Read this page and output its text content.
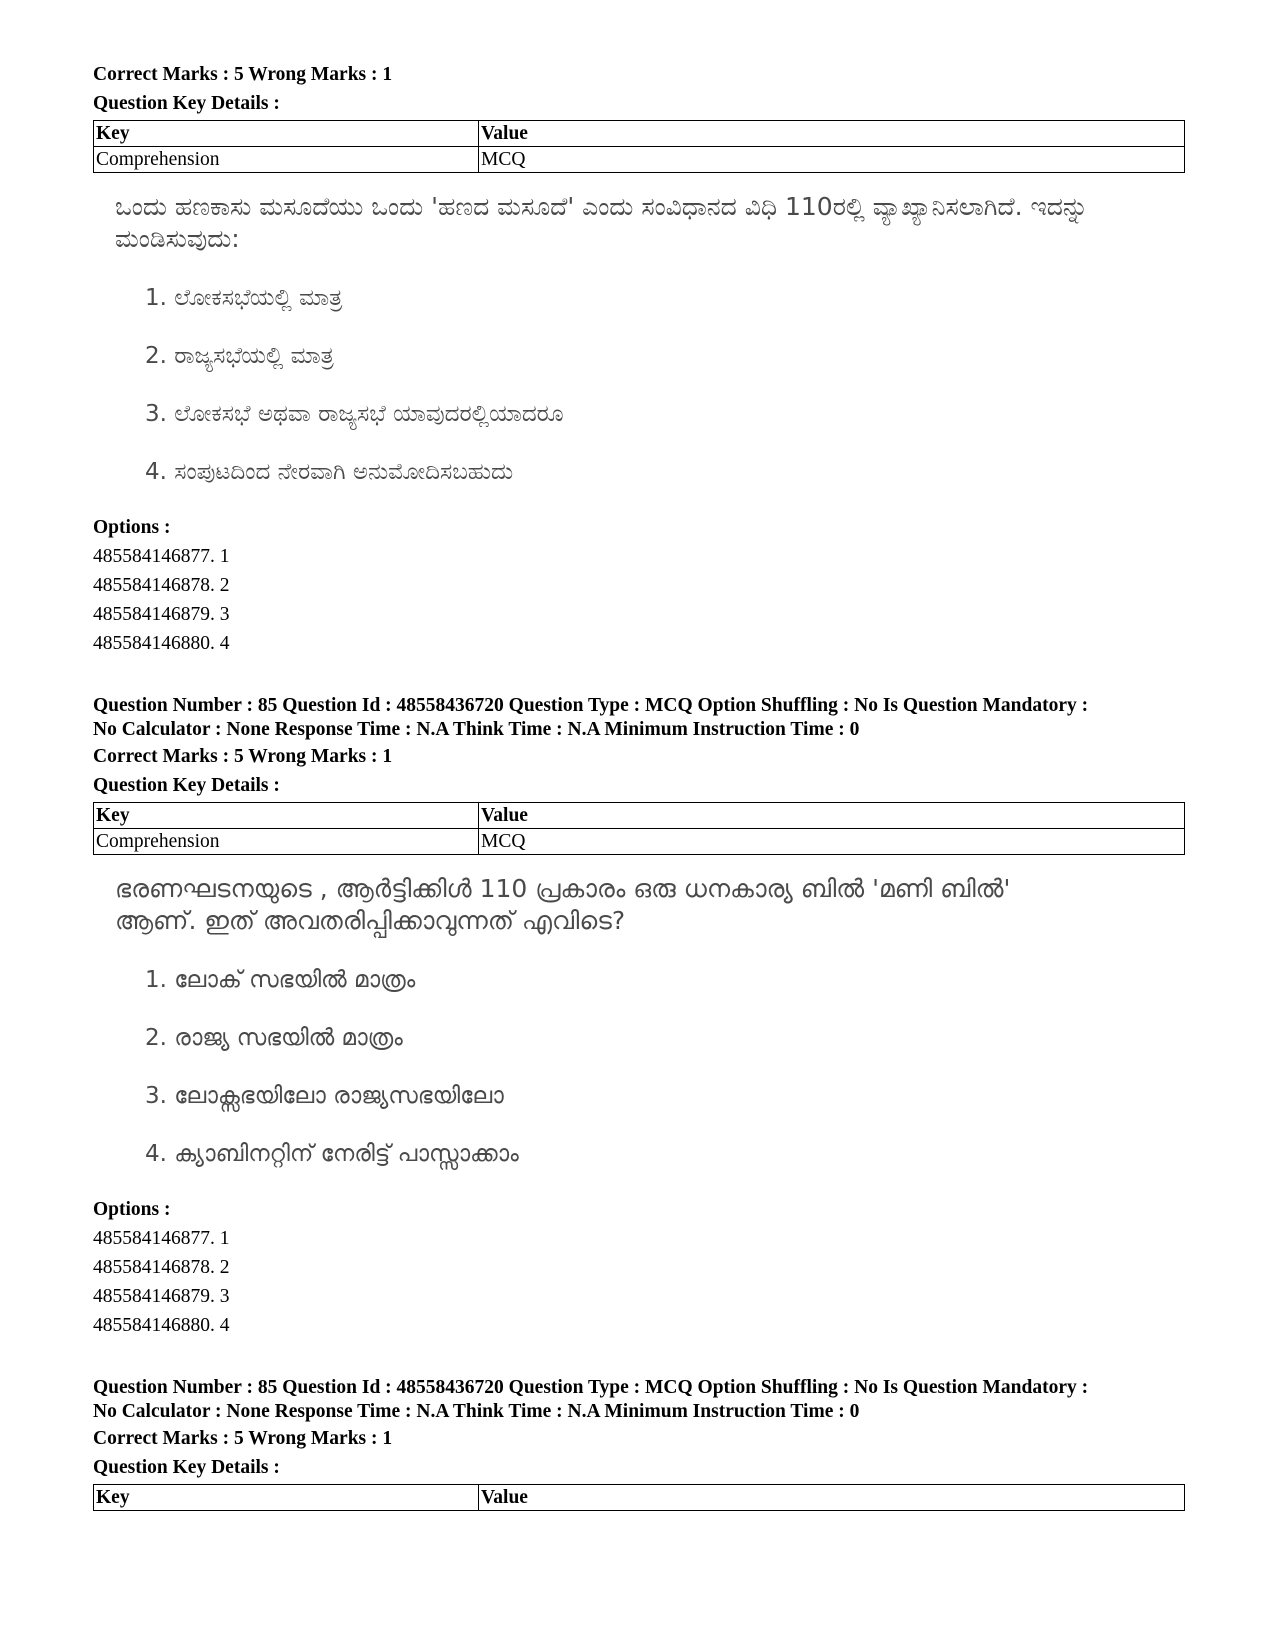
Correct Marks : 5 Wrong Marks : 1
Question Key Details :
Key	Value
Comprehension	MCQ
ಒಂದು ಹಣಕಾಸು ಮಸೂದೆಯು ಒಂದು 'ಹಣದ ಮಸೂದೆ' ಎಂದು ಸಂವಿಧಾನದ ವಿಧಿ 110ರಲ್ಲಿ ವ್ಯಾಖ್ಯಾನಿಸಲಾಗಿದೆ. ಇದನ್ನು ಮಂಡಿಸುವುದು:
1. ಲೋಕಸಭೆಯಲ್ಲಿ ಮಾತ್ರ
2. ರಾಜ್ಯಸಭೆಯಲ್ಲಿ ಮಾತ್ರ
3. ಲೋಕಸಭೆ ಅಥವಾ ರಾಜ್ಯಸಭೆ ಯಾವುದರಲ್ಲಿಯಾದರೂ
4. ಸಂಪುಟದಿಂದ ನೇರವಾಗಿ ಅನುಮೋದಿಸಬಹುದು
Options :
485584146877. 1
485584146878. 2
485584146879. 3
485584146880. 4
Question Number : 85 Question Id : 48558436720 Question Type : MCQ Option Shuffling : No Is Question Mandatory :
No Calculator : None Response Time : N.A Think Time : N.A Minimum Instruction Time : 0
Correct Marks : 5 Wrong Marks : 1
Question Key Details :
Key	Value
Comprehension	MCQ
ഭരണഘടനയുടെ , ആർട്ടിക്കിൾ 110 പ്രകാരം ഒരു ധനകാര്യ ബിൽ 'മണി ബിൽ' ആണ്. ഇത് അവതരിപ്പിക്കാവുന്നത് എവിടെ?
1. ലോക് സഭയിൽ മാത്രം
2. രാജ്യ സഭയിൽ മാത്രം
3. ലോക്സഭയിലോ രാജ്യസഭയിലോ
4. ക്യാബിനറ്റിന് നേരിട്ട് പാസ്സാക്കാം
Options :
485584146877. 1
485584146878. 2
485584146879. 3
485584146880. 4
Question Number : 85 Question Id : 48558436720 Question Type : MCQ Option Shuffling : No Is Question Mandatory :
No Calculator : None Response Time : N.A Think Time : N.A Minimum Instruction Time : 0
Correct Marks : 5 Wrong Marks : 1
Question Key Details :
Key	Value
